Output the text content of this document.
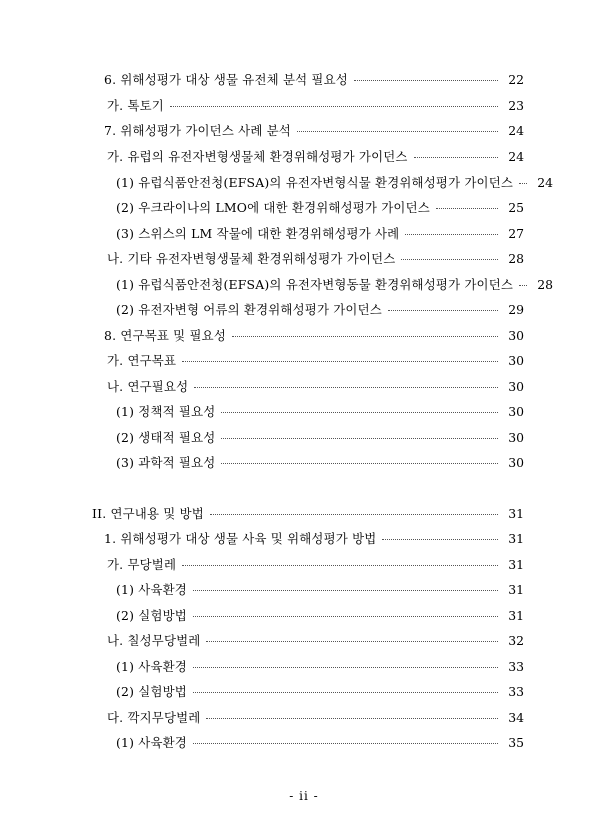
6. 위해성평가 대상 생물 유전체 분석 필요성	22
가. 톡토기	23
7. 위해성평가 가이던스 사례 분석	24
가. 유럽의 유전자변형생물체 환경위해성평가 가이던스	24
(1) 유럽식품안전청(EFSA)의 유전자변형식물 환경위해성평가 가이던스	24
(2) 우크라이나의 LMO에 대한 환경위해성평가 가이던스	25
(3) 스위스의 LM 작물에 대한 환경위해성평가 사례	27
나. 기타 유전자변형생물체 환경위해성평가 가이던스	28
(1) 유럽식품안전청(EFSA)의 유전자변형동물 환경위해성평가 가이던스	28
(2) 유전자변형 어류의 환경위해성평가 가이던스	29
8. 연구목표 및 필요성	30
가. 연구목표	30
나. 연구필요성	30
(1) 정책적 필요성	30
(2) 생태적 필요성	30
(3) 과학적 필요성	30
II. 연구내용 및 방법	31
1. 위해성평가 대상 생물 사육 및 위해성평가 방법	31
가. 무당벌레	31
(1) 사육환경	31
(2) 실험방법	31
나. 칠성무당벌레	32
(1) 사육환경	33
(2) 실험방법	33
다. 깍지무당벌레	34
(1) 사육환경	35
- ii -
